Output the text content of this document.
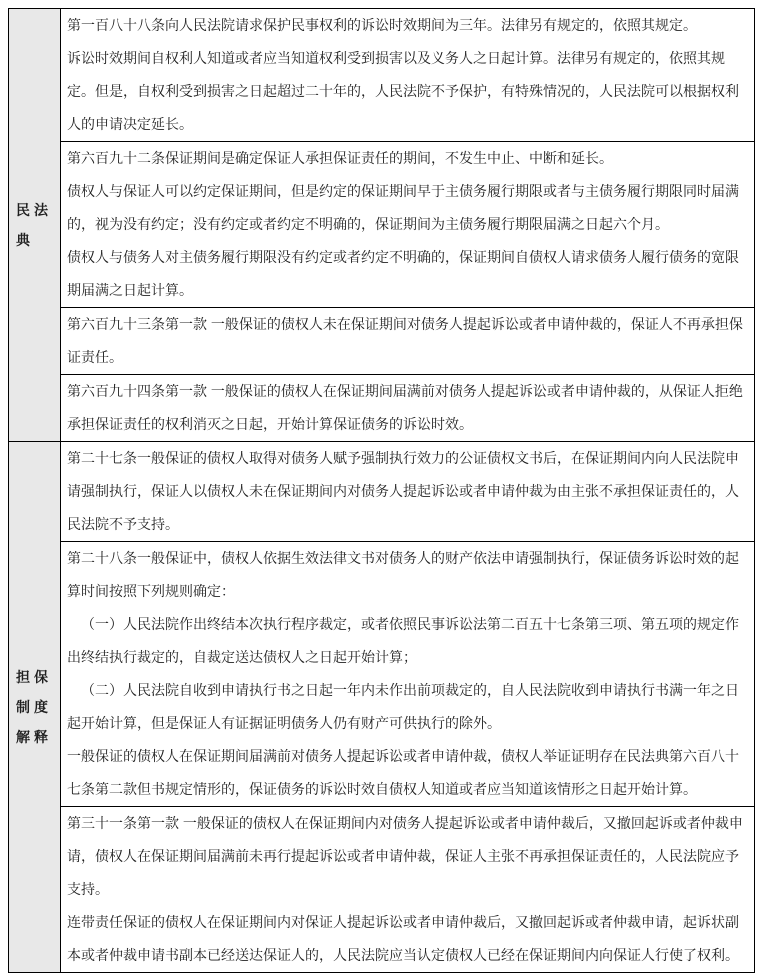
民法典	第一百八十八条向人民法院请求保护民事权利的诉讼时效期间为三年。法律另有规定的，依照其规定。

诉讼时效期间自权利人知道或者应当知道权利受到损害以及义务人之日起计算。法律另有规定的，依照其规定。但是，自权利受到损害之日起超过二十年的，人民法院不予保护，有特殊情况的，人民法院可以根据权利人的申请决定延长。

	第六百九十二条保证期间是确定保证人承担保证责任的期间，不发生中止、中断和延长。

债权人与保证人可以约定保证期间，但是约定的保证期间早于主债务履行期限或者与主债务履行期限同时届满的，视为没有约定；没有约定或者约定不明确的，保证期间为主债务履行期限届满之日起六个月。

债权人与债务人对主债务履行期限没有约定或者约定不明确的，保证期间自债权人请求债务人履行债务的宽限期届满之日起计算。

	第六百九十三条第一款 一般保证的债权人未在保证期间对债务人提起诉讼或者申请仲裁的，保证人不再承担保证责任。

	第六百九十四条第一款 一般保证的债权人在保证期间届满前对债务人提起诉讼或者申请仲裁的，从保证人拒绝承担保证责任的权利消灭之日起，开始计算保证债务的诉讼时效。

担保制度解释	第二十七条一般保证的债权人取得对债务人赋予强制执行效力的公证债权文书后，在保证期间内向人民法院申请强制执行，保证人以债权人未在保证期间内对债务人提起诉讼或者申请仲裁为由主张不承担保证责任的，人民法院不予支持。

	第二十八条一般保证中，债权人依据生效法律文书对债务人的财产依法申请强制执行，保证债务诉讼时效的起算时间按照下列规则确定：

（一）人民法院作出终结本次执行程序裁定，或者依照民事诉讼法第二百五十七条第三项、第五项的规定作出终结执行裁定的，自裁定送达债权人之日起开始计算；

（二）人民法院自收到申请执行书之日起一年内未作出前项裁定的，自人民法院收到申请执行书满一年之日起开始计算，但是保证人有证据证明债务人仍有财产可供执行的除外。

一般保证的债权人在保证期间届满前对债务人提起诉讼或者申请仲裁，债权人举证证明存在民法典第六百八十七条第二款但书规定情形的，保证债务的诉讼时效自债权人知道或者应当知道该情形之日起开始计算。

	第三十一条第一款 一般保证的债权人在保证期间内对债务人提起诉讼或者申请仲裁后，又撤回起诉或者仲裁申请，债权人在保证期间届满前未再行提起诉讼或者申请仲裁，保证人主张不再承担保证责任的，人民法院应予支持。

连带责任保证的债权人在保证期间内对保证人提起诉讼或者申请仲裁后，又撤回起诉或者仲裁申请，起诉状副本或者仲裁申请书副本已经送达保证人的，人民法院应当认定债权人已经在保证期间内向保证人行使了权利。
